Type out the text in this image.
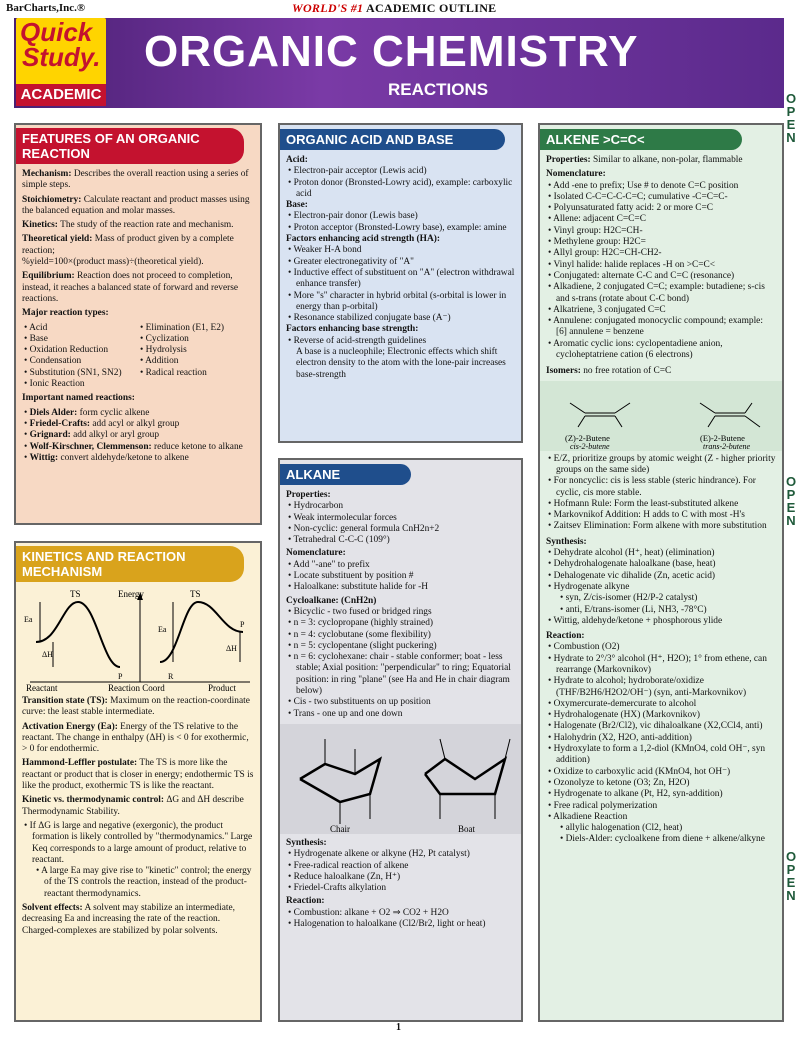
BarCharts,Inc.®	WORLD'S #1 ACADEMIC OUTLINE
Quick
Study.
ACADEMIC
ORGANIC CHEMISTRY
REACTIONS	OPEN
OPEN
OPEN
FEATURES OF AN ORGANIC REACTION

Mechanism: Describes the overall reaction using a series of simple steps.

Stoichiometry: Calculate reactant and product masses using the balanced equation and molar masses.

Kinetics: The study of the reaction rate and mechanism.

Theoretical yield: Mass of product given by a complete reaction;
%yield=100×(product mass)÷(theoretical yield).

Equilibrium: Reaction does not proceed to completion, instead, it reaches a balanced state of forward and reverse reactions.

Major reaction types:

• Acid
• Base
• Oxidation Reduction
• Condensation
• Substitution (SN1, SN2)
• Ionic Reaction
• Elimination (E1, E2)
• Cyclization
• Hydrolysis
• Addition
• Radical reaction

Important named reactions:

• Diels Alder: form cyclic alkene
• Friedel-Crafts: add acyl or alkyl group
• Grignard: add alkyl or aryl group
• Wolf-Kirschner, Clemmenson: reduce ketone to alkane
• Wittig: convert aldehyde/ketone to alkene
KINETICS AND REACTION MECHANISM
TS	TS
Energy
Ea
Ea
ΔH
ΔH
P	R
P
Reactant	Reaction Coord	Product

Transition state (TS): Maximum on the reaction-coordinate curve: the least stable intermediate.

Activation Energy (Ea): Energy of the TS relative to the reactant. The change in enthalpy (ΔH) is < 0 for exothermic, > 0 for endothermic.

Hammond-Leffler postulate: The TS is more like the reactant or product that is closer in energy; endothermic TS is like the product, exothermic TS is like the reactant.

Kinetic vs. thermodynamic control: ΔG and ΔH describe Thermodynamic Stability.

• If ΔG is large and negative (exergonic), the product formation is likely controlled by "thermodynamics." Large Keq corresponds to a large amount of product, relative to reactant.
• A large Ea may give rise to "kinetic" control; the energy of the TS controls the reaction, instead of the product-reactant thermodynamics.

Solvent effects: A solvent may stabilize an intermediate, decreasing Ea and increasing the rate of the reaction. Charged-complexes are stabilized by polar solvents.

ORGANIC ACID AND BASE

Acid:

• Electron-pair acceptor (Lewis acid)
• Proton donor (Bronsted-Lowry acid), example: carboxylic acid

Base:

• Electron-pair donor (Lewis base)
• Proton acceptor (Bronsted-Lowry base), example: amine

Factors enhancing acid strength (HA):

• Weaker H-A bond
• Greater electronegativity of "A"
• Inductive effect of substituent on "A" (electron withdrawal enhance transfer)
• More "s" character in hybrid orbital (s-orbital is lower in energy than p-orbital)
• Resonance stabilized conjugate base (A⁻)

Factors enhancing base strength:

• Reverse of acid-strength guidelines

A base is a nucleophile; Electronic effects which shift electron density to the atom with the lone-pair increases base-strength

ALKANE

Properties:

• Hydrocarbon
• Weak intermolecular forces
• Non-cyclic: general formula CnH2n+2
• Tetrahedral C-C-C (109°)

Nomenclature:

• Add "-ane" to prefix
• Locate substituent by position #
• Haloalkane: substitute halide for -H

Cycloalkane: (CnH2n)

• Bicyclic - two fused or bridged rings
• n = 3: cyclopropane (highly strained)
• n = 4: cyclobutane (some flexibility)
• n = 5: cyclopentane (slight puckering)
• n = 6: cyclohexane: chair - stable conformer; boat - less stable; Axial position: "perpendicular" to ring; Equatorial position: in ring "plane" (see Ha and He in chair diagram below)
• Cis - two substituents on up position
• Trans - one up and one down
Chair	Boat

Synthesis:

• Hydrogenate alkene or alkyne (H2, Pt catalyst)
• Free-radical reaction of alkene
• Reduce haloalkane (Zn, H⁺)
• Friedel-Crafts alkylation

Reaction:

• Combustion: alkane + O2 ⇒ CO2 + H2O
• Halogenation to haloalkane (Cl2/Br2, light or heat)
ALKENE >C=C<

Properties: Similar to alkane, non-polar, flammable

Nomenclature:

• Add -ene to prefix; Use # to denote C=C position
• Isolated C-C=C-C-C=C; cumulative -C=C=C-
• Polyunsaturated fatty acid: 2 or more C=C
• Allene: adjacent C=C=C
• Vinyl group: H2C=CH-
• Methylene group: H2C=
• Allyl group: H2C=CH-CH2-
• Vinyl halide: halide replaces -H on >C=C<
• Conjugated: alternate C-C and C=C (resonance)
• Alkadiene, 2 conjugated C=C; example: butadiene; s-cis and s-trans (rotate about C-C bond)
• Alkatriene, 3 conjugated C=C
• Annulene: conjugated monocyclic compound; example: [6] annulene = benzene
• Aromatic cyclic ions: cyclopentadiene anion, cycloheptatriene cation (6 electrons)

Isomers: no free rotation of C=C

(Z)-2-Butene
cis-2-butene
(E)-2-Butene
trans-2-butene
• E/Z, prioritize groups by atomic weight (Z - higher priority groups on the same side)
• For noncyclic: cis is less stable (steric hindrance). For cyclic, cis more stable.
• Hofmann Rule: Form the least-substituted alkene
• Markovnikof Addition: H adds to C with most -H's
• Zaitsev Elimination: Form alkene with more substitution

Synthesis:

• Dehydrate alcohol (H⁺, heat) (elimination)
• Dehydrohalogenate haloalkane (base, heat)
• Dehalogenate vic dihalide (Zn, acetic acid)
• Hydrogenate alkyne
• syn, Z/cis-isomer (H2/P-2 catalyst)
• anti, E/trans-isomer (Li, NH3, -78°C)
• Wittig, aldehyde/ketone + phosphorous ylide

Reaction:

• Combustion (O2)
• Hydrate to 2°/3° alcohol (H⁺, H2O); 1° from ethene, can rearrange (Markovnikov)
• Hydrate to alcohol; hydroborate/oxidize (THF/B2H6/H2O2/OH⁻) (syn, anti-Markovnikov)
• Oxymercurate-demercurate to alcohol
• Hydrohalogenate (HX) (Markovnikov)
• Halogenate (Br2/Cl2), vic dihaloalkane (X2,CCl4, anti)
• Halohydrin (X2, H2O, anti-addition)
• Hydroxylate to form a 1,2-diol (KMnO4, cold OH⁻, syn addition)
• Oxidize to carboxylic acid (KMnO4, hot OH⁻)
• Ozonolyze to ketone (O3; Zn, H2O)
• Hydrogenate to alkane (Pt, H2, syn-addition)
• Free radical polymerization
• Alkadiene Reaction
• allylic halogenation (Cl2, heat)
• Diels-Alder: cycloalkene from diene + alkene/alkyne
1
